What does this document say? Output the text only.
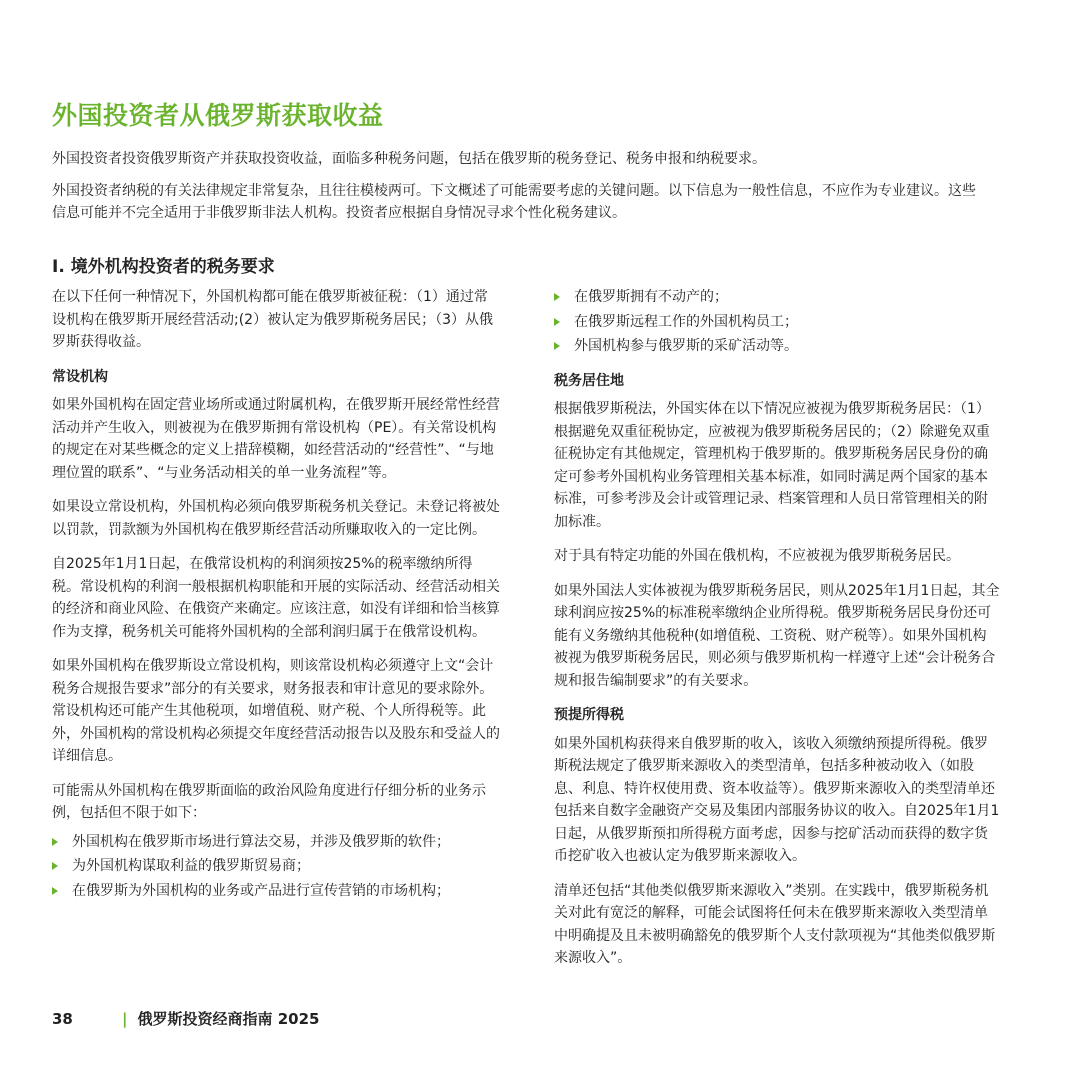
外国投资者从俄罗斯获取收益

外国投资者投资俄罗斯资产并获取投资收益，面临多种税务问题，包括在俄罗斯的税务登记、税务申报和纳税要求。

外国投资者纳税的有关法律规定非常复杂，且往往模棱两可。下文概述了可能需要考虑的关键问题。以下信息为一般性信息，不应作为专业建议。这些信息可能并不完全适用于非俄罗斯非法人机构。投资者应根据自身情况寻求个性化税务建议。

I. 境外机构投资者的税务要求

在以下任何一种情况下，外国机构都可能在俄罗斯被征税：（1）通过常设机构在俄罗斯开展经营活动;(2）被认定为俄罗斯税务居民；（3）从俄罗斯获得收益。

常设机构

如果外国机构在固定营业场所或通过附属机构，在俄罗斯开展经常性经营活动并产生收入，则被视为在俄罗斯拥有常设机构（PE）。有关常设机构的规定在对某些概念的定义上措辞模糊，如经营活动的“经营性”、“与地理位置的联系”、“与业务活动相关的单一业务流程”等。

如果设立常设机构，外国机构必须向俄罗斯税务机关登记。未登记将被处以罚款，罚款额为外国机构在俄罗斯经营活动所赚取收入的一定比例。

自2025年1月1日起，在俄常设机构的利润须按25%的税率缴纳所得税。常设机构的利润一般根据机构职能和开展的实际活动、经营活动相关的经济和商业风险、在俄资产来确定。应该注意，如没有详细和恰当核算作为支撑，税务机关可能将外国机构的全部利润归属于在俄常设机构。

如果外国机构在俄罗斯设立常设机构，则该常设机构必须遵守上文“会计税务合规报告要求”部分的有关要求，财务报表和审计意见的要求除外。常设机构还可能产生其他税项，如增值税、财产税、个人所得税等。此外，外国机构的常设机构必须提交年度经营活动报告以及股东和受益人的详细信息。

可能需从外国机构在俄罗斯面临的政治风险角度进行仔细分析的业务示例，包括但不限于如下：

外国机构在俄罗斯市场进行算法交易，并涉及俄罗斯的软件；
为外国机构谋取利益的俄罗斯贸易商；
在俄罗斯为外国机构的业务或产品进行宣传营销的市场机构；
在俄罗斯拥有不动产的；
在俄罗斯远程工作的外国机构员工；
外国机构参与俄罗斯的采矿活动等。
税务居住地

根据俄罗斯税法，外国实体在以下情况应被视为俄罗斯税务居民：（1）根据避免双重征税协定，应被视为俄罗斯税务居民的；（2）除避免双重征税协定有其他规定，管理机构于俄罗斯的。俄罗斯税务居民身份的确定可参考外国机构业务管理相关基本标准，如同时满足两个国家的基本标准，可参考涉及会计或管理记录、档案管理和人员日常管理相关的附加标准。

对于具有特定功能的外国在俄机构，不应被视为俄罗斯税务居民。

如果外国法人实体被视为俄罗斯税务居民，则从2025年1月1日起，其全球利润应按25%的标准税率缴纳企业所得税。俄罗斯税务居民身份还可能有义务缴纳其他税种(如增值税、工资税、财产税等）。如果外国机构被视为俄罗斯税务居民，则必须与俄罗斯机构一样遵守上述“会计税务合规和报告编制要求”的有关要求。

预提所得税

如果外国机构获得来自俄罗斯的收入，该收入须缴纳预提所得税。俄罗斯税法规定了俄罗斯来源收入的类型清单，包括多种被动收入（如股息、利息、特许权使用费、资本收益等）。俄罗斯来源收入的类型清单还包括来自数字金融资产交易及集团内部服务协议的收入。自2025年1月1日起，从俄罗斯预扣所得税方面考虑，因参与挖矿活动而获得的数字货币挖矿收入也被认定为俄罗斯来源收入。

清单还包括“其他类似俄罗斯来源收入”类别。在实践中，俄罗斯税务机关对此有宽泛的解释，可能会试图将任何未在俄罗斯来源收入类型清单中明确提及且未被明确豁免的俄罗斯个人支付款项视为“其他类似俄罗斯来源收入”。

38	| 俄罗斯投资经商指南 2025
